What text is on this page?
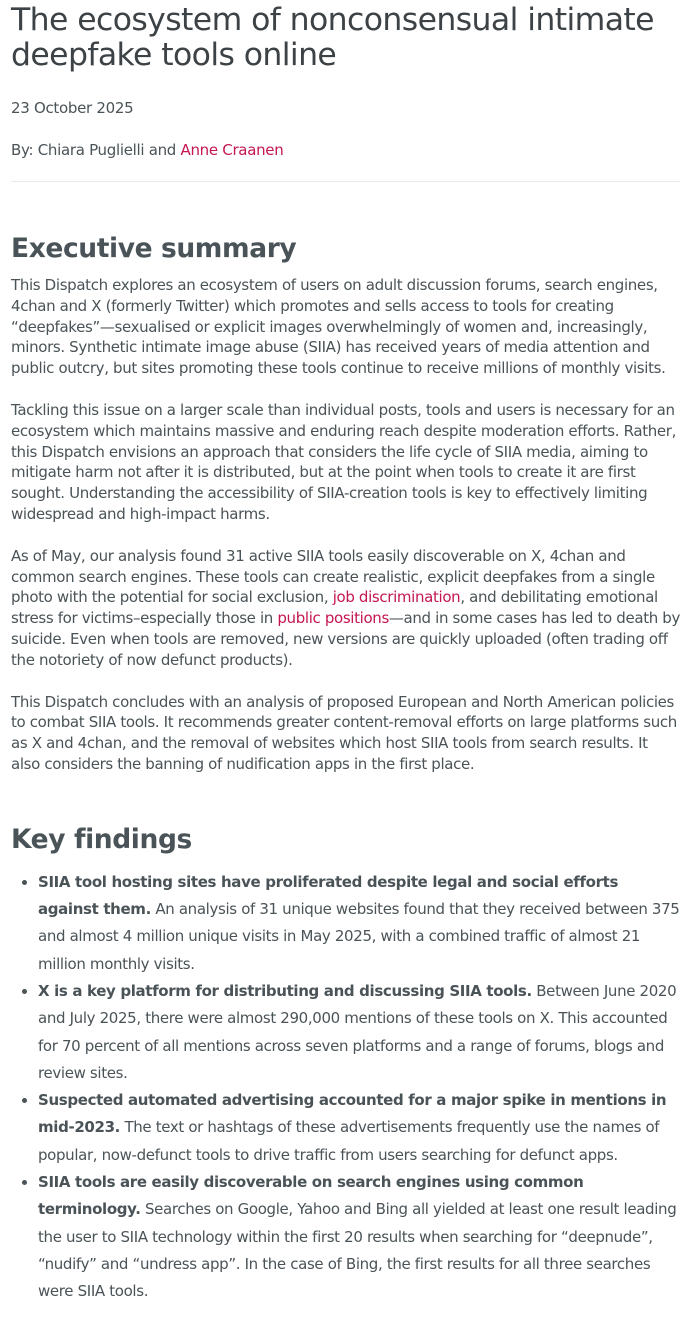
The ecosystem of nonconsensual intimate deepfake tools online
23 October 2025
By: Chiara Puglielli and Anne Craanen
Executive summary

This Dispatch explores an ecosystem of users on adult discussion forums, search engines, 4chan and X (formerly Twitter) which promotes and sells access to tools for creating “deepfakes”—sexualised or explicit images overwhelmingly of women and, increasingly, minors. Synthetic intimate image abuse (SIIA) has received years of media attention and public outcry, but sites promoting these tools continue to receive millions of monthly visits.

Tackling this issue on a larger scale than individual posts, tools and users is necessary for an ecosystem which maintains massive and enduring reach despite moderation efforts. Rather, this Dispatch envisions an approach that considers the life cycle of SIIA media, aiming to mitigate harm not after it is distributed, but at the point when tools to create it are first sought. Understanding the accessibility of SIIA-creation tools is key to effectively limiting widespread and high-impact harms.

As of May, our analysis found 31 active SIIA tools easily discoverable on X, 4chan and common search engines. These tools can create realistic, explicit deepfakes from a single photo with the potential for social exclusion, job discrimination, and debilitating emotional stress for victims–especially those in public positions—and in some cases has led to death by suicide. Even when tools are removed, new versions are quickly uploaded (often trading off the notoriety of now defunct products).

This Dispatch concludes with an analysis of proposed European and North American policies to combat SIIA tools. It recommends greater content-removal efforts on large platforms such as X and 4chan, and the removal of websites which host SIIA tools from search results. It also considers the banning of nudification apps in the first place.

Key findings
• SIIA tool hosting sites have proliferated despite legal and social efforts against them. An analysis of 31 unique websites found that they received between 375 and almost 4 million unique visits in May 2025, with a combined traffic of almost 21 million monthly visits.
• X is a key platform for distributing and discussing SIIA tools. Between June 2020 and July 2025, there were almost 290,000 mentions of these tools on X. This accounted for 70 percent of all mentions across seven platforms and a range of forums, blogs and review sites.
• Suspected automated advertising accounted for a major spike in mentions in mid-2023. The text or hashtags of these advertisements frequently use the names of popular, now-defunct tools to drive traffic from users searching for defunct apps.
• SIIA tools are easily discoverable on search engines using common terminology. Searches on Google, Yahoo and Bing all yielded at least one result leading the user to SIIA technology within the first 20 results when searching for “deepnude”, “nudify” and “undress app”. In the case of Bing, the first results for all three searches were SIIA tools.
